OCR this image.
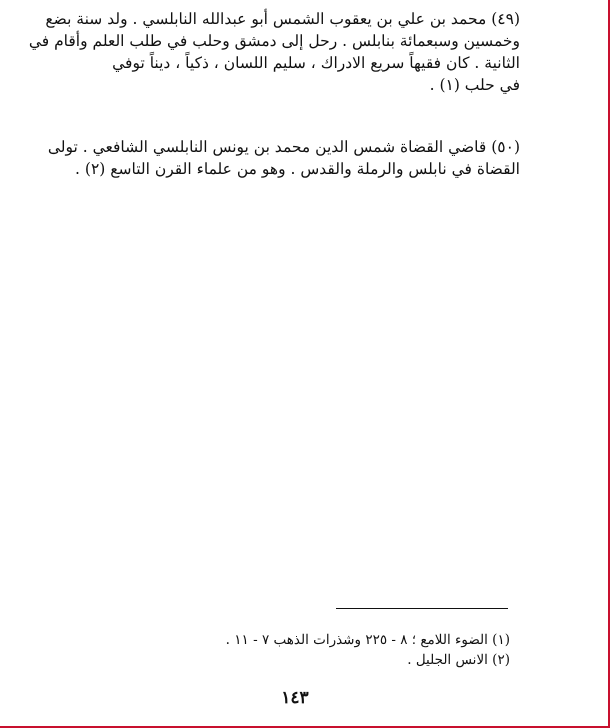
(٤٩) محمد بن علي بن يعقوب الشمس أبو عبدالله النابلسي . ولد سنة بضع
وخمسين وسبعمائة بنابلس . رحل إلى دمشق وحلب في طلب العلم وأقام في
الثانية . كان فقيهاً سريع الادراك ، سليم اللسان ، ذكياً ، ديناً توفي
في حلب (١) .
(٥٠) قاضي القضاة شمس الدين محمد بن يونس النابلسي الشافعي . تولى
القضاة في نابلس والرملة والقدس . وهو من علماء القرن التاسع (٢) .
(١) الضوء اللامع ؛ ٨ - ٢٢٥ وشذرات الذهب ٧ - ١١ .
(٢) الانس الجليل .
١٤٣
